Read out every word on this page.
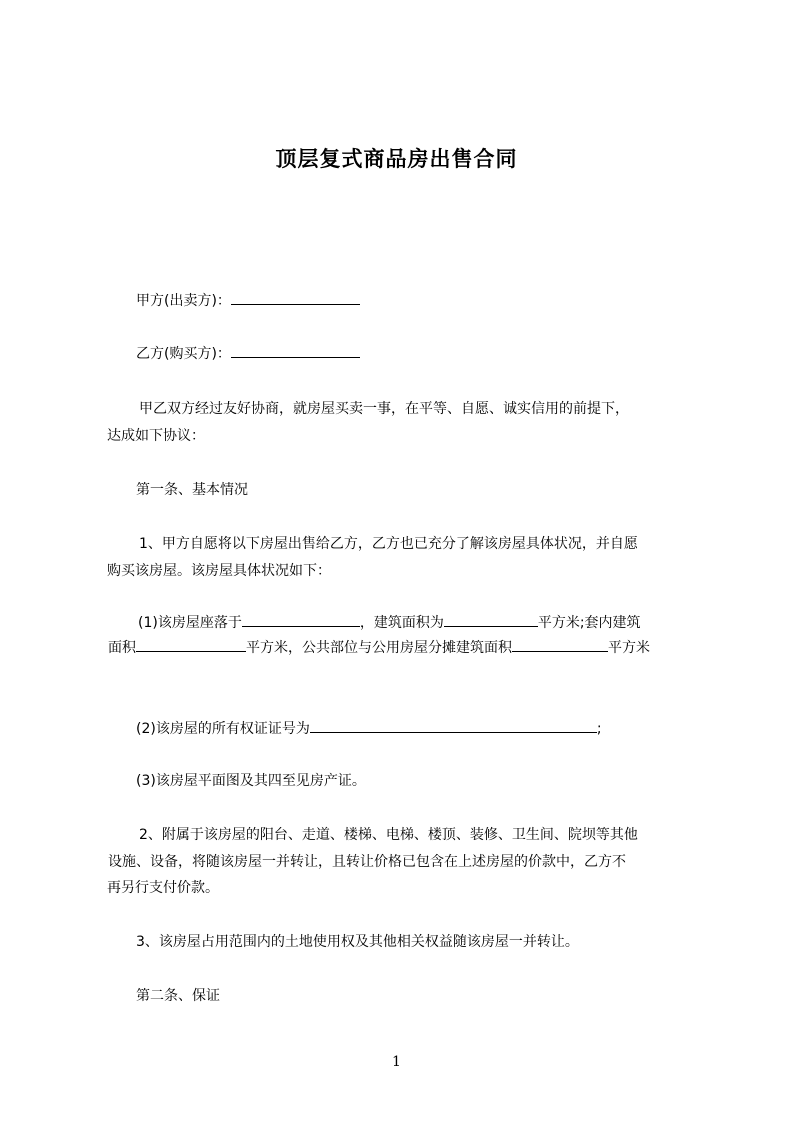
顶层复式商品房出售合同
甲方(出卖方)：
乙方(购买方)：
甲乙双方经过友好协商，就房屋买卖一事，在平等、自愿、诚实信用的前提下，
达成如下协议：
第一条、基本情况
1、甲方自愿将以下房屋出售给乙方，乙方也已充分了解该房屋具体状况，并自愿
购买该房屋。该房屋具体状况如下：
(1)该房屋座落于	，建筑面积为	平方米;套内建筑
面积	平方米，公共部位与公用房屋分摊建筑面积	平方米
(2)该房屋的所有权证证号为	;
(3)该房屋平面图及其四至见房产证。
2、附属于该房屋的阳台、走道、楼梯、电梯、楼顶、装修、卫生间、院坝等其他
设施、设备，将随该房屋一并转让，且转让价格已包含在上述房屋的价款中，乙方不
再另行支付价款。
3、该房屋占用范围内的土地使用权及其他相关权益随该房屋一并转让。
第二条、保证
1
